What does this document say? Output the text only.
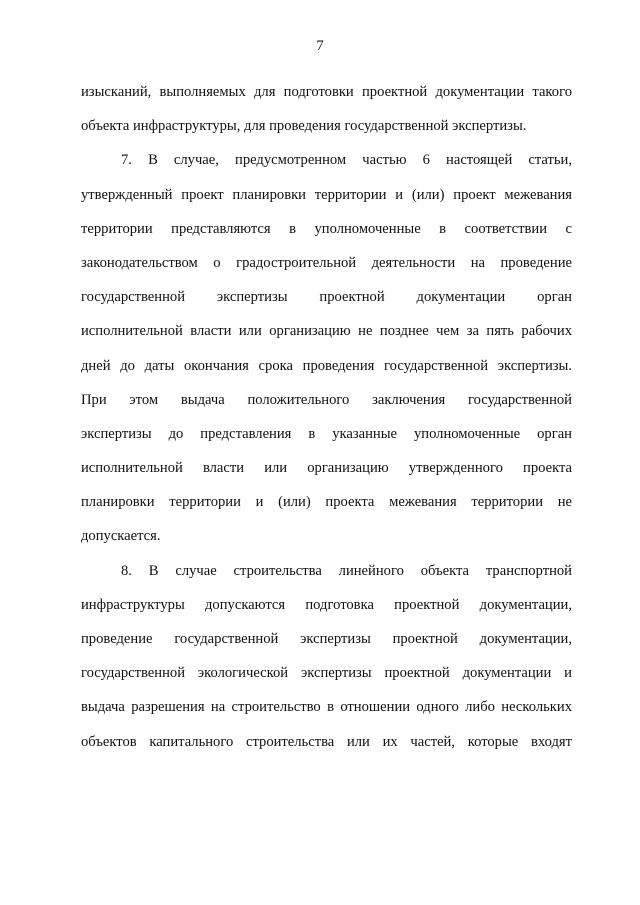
7
изысканий, выполняемых для подготовки проектной документации такого
объекта инфраструктуры, для проведения государственной экспертизы.
7. В случае, предусмотренном частью 6 настоящей статьи,
утвержденный проект планировки территории и (или) проект межевания
территории представляются в уполномоченные в соответствии с
законодательством о градостроительной деятельности на проведение
государственной экспертизы проектной документации орган
исполнительной власти или организацию не позднее чем за пять рабочих
дней до даты окончания срока проведения государственной экспертизы.
При этом выдача положительного заключения государственной
экспертизы до представления в указанные уполномоченные орган
исполнительной власти или организацию утвержденного проекта
планировки территории и (или) проекта межевания территории не
допускается.
8. В случае строительства линейного объекта транспортной
инфраструктуры допускаются подготовка проектной документации,
проведение государственной экспертизы проектной документации,
государственной экологической экспертизы проектной документации и
выдача разрешения на строительство в отношении одного либо нескольких
объектов капитального строительства или их частей, которые входят
